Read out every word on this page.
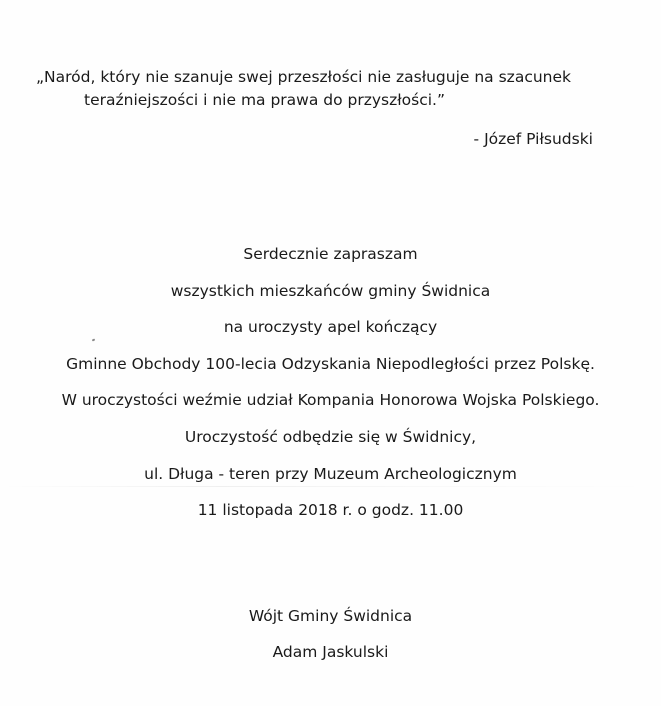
„Naród, który nie szanuje swej przeszłości nie zasługuje na szacunek
teraźniejszości i nie ma prawa do przyszłości.”
- Józef Piłsudski
Serdecznie zapraszam
wszystkich mieszkańców gminy Świdnica
na uroczysty apel kończący
Gminne Obchody 100-lecia Odzyskania Niepodległości przez Polskę.
W uroczystości weźmie udział Kompania Honorowa Wojska Polskiego.
Uroczystość odbędzie się w Świdnicy,
ul. Długa - teren przy Muzeum Archeologicznym
11 listopada 2018 r. o godz. 11.00
Wójt Gminy Świdnica
Adam Jaskulski
